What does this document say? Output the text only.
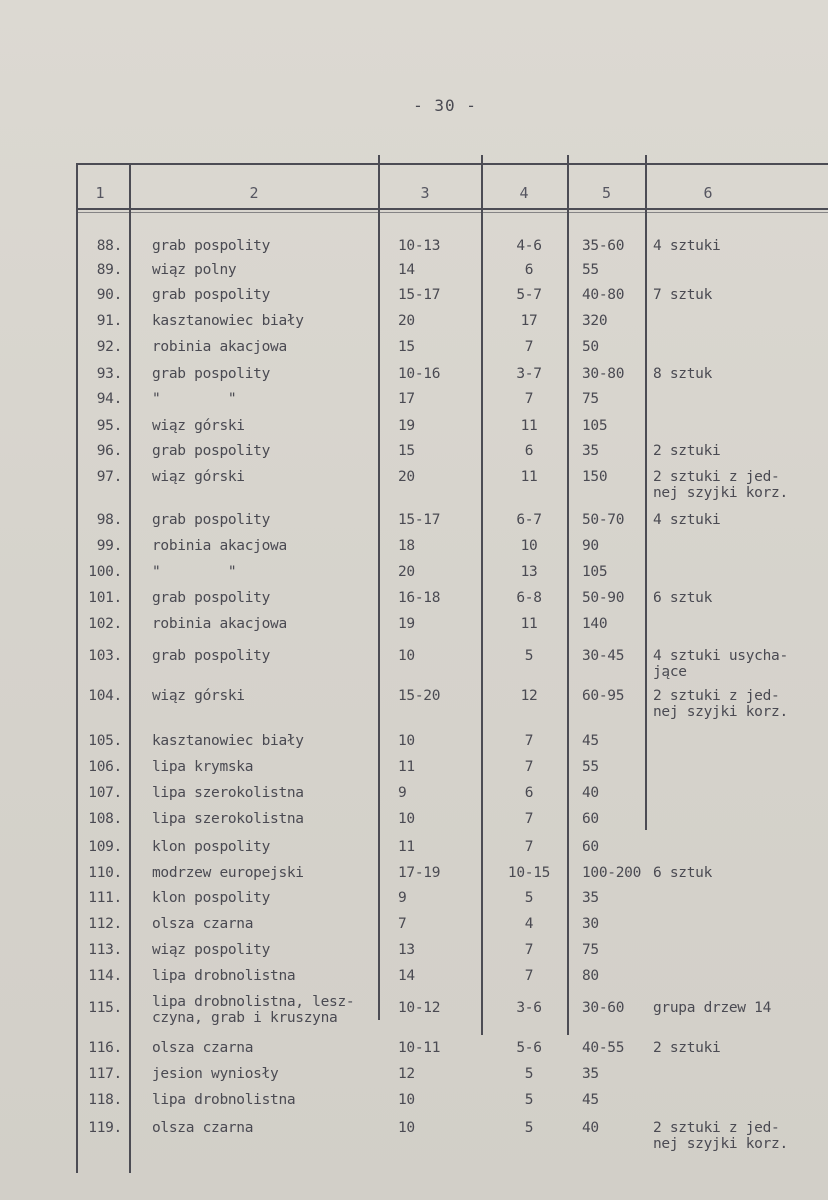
- 30 -
1	2	3	4	5	6
88. grab pospolity	10-13	4-6	35-60	4 sztuki
89. wiąz polny	14	6	55
90. grab pospolity	15-17	5-7	40-80	7 sztuk
91. kasztanowiec biały	20	17	320
92. robinia akacjowa	15	7	50
93. grab pospolity	10-16	3-7	30-80	8 sztuk
94. "        "	17	7	75
95. wiąz górski	19	11	105
96. grab pospolity	15	6	35	2 sztuki
97. wiąz górski	20	11	150	2 sztuki z jed-
nej szyjki korz.
98. grab pospolity	15-17	6-7	50-70	4 sztuki
99. robinia akacjowa	18	10	90
100. "        "	20	13	105
101. grab pospolity	16-18	6-8	50-90	6 sztuk
102. robinia akacjowa	19	11	140
103. grab pospolity	10	5	30-45	4 sztuki usycha-
jące
104. wiąz górski	15-20	12	60-95	2 sztuki z jed-
nej szyjki korz.
105. kasztanowiec biały	10	7	45
106. lipa krymska	11	7	55
107. lipa szerokolistna	9	6	40
108. lipa szerokolistna	10	7	60
109. klon pospolity	11	7	60
110. modrzew europejski	17-19	10-15	100-200 6 sztuk
111. klon pospolity	9	5	35
112. olsza czarna	7	4	30
113. wiąz pospolity	13	7	75
114. lipa drobnolistna	14	7	80
115. lipa drobnolistna, lesz-
czyna, grab i kruszyna
10-12	3-6	30-60	grupa drzew 14
116. olsza czarna	10-11	5-6	40-55	2 sztuki
117. jesion wyniosły	12	5	35
118. lipa drobnolistna	10	5	45
119. olsza czarna	10	5	40	2 sztuki z jed-
nej szyjki korz.
